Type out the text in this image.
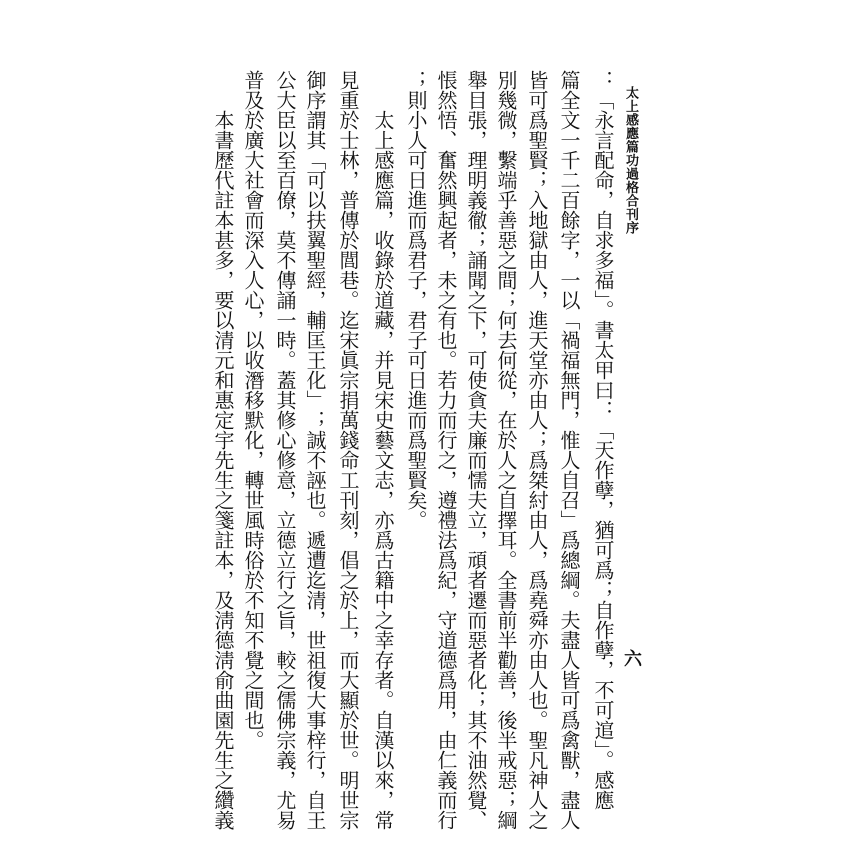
太上感應篇功過格合刊序
六
：「永言配命，自求多福」。書太甲曰：「天作孽，猶可爲；自作孽，不可逭」。感應
篇全文一千二百餘字，一以「禍福無門，惟人自召」爲總綱。夫盡人皆可爲禽獸，盡人
皆可爲聖賢；入地獄由人，進天堂亦由人；爲桀紂由人，爲堯舜亦由人也。聖凡神人之
別幾微，繫端乎善惡之間；何去何從，在於人之自擇耳。全書前半勸善，後半戒惡；綱
舉目張，理明義徹；誦聞之下，可使貪夫廉而懦夫立，頑者遷而惡者化；其不油然覺、
悵然悟、奮然興起者，未之有也。若力而行之，遵禮法爲紀，守道德爲用，由仁義而行
；則小人可日進而爲君子，君子可日進而爲聖賢矣。
太上感應篇，收錄於道藏，并見宋史藝文志，亦爲古籍中之幸存者。自漢以來，常
見重於士林，普傳於閭巷。迄宋眞宗捐萬錢命工刊刻，倡之於上，而大顯於世。明世宗
御序謂其「可以扶翼聖經，輔匡王化」；誠不誣也。遞遭迄清，世祖復大事梓行，自王
公大臣以至百僚，莫不傳誦一時。蓋其修心修意，立德立行之旨，較之儒佛宗義，尤易
普及於廣大社會而深入人心，以收潛移默化，轉世風時俗於不知不覺之間也。
本書歷代註本甚多，要以清元和惠定宇先生之箋註本，及淸德淸俞曲園先生之纘義
